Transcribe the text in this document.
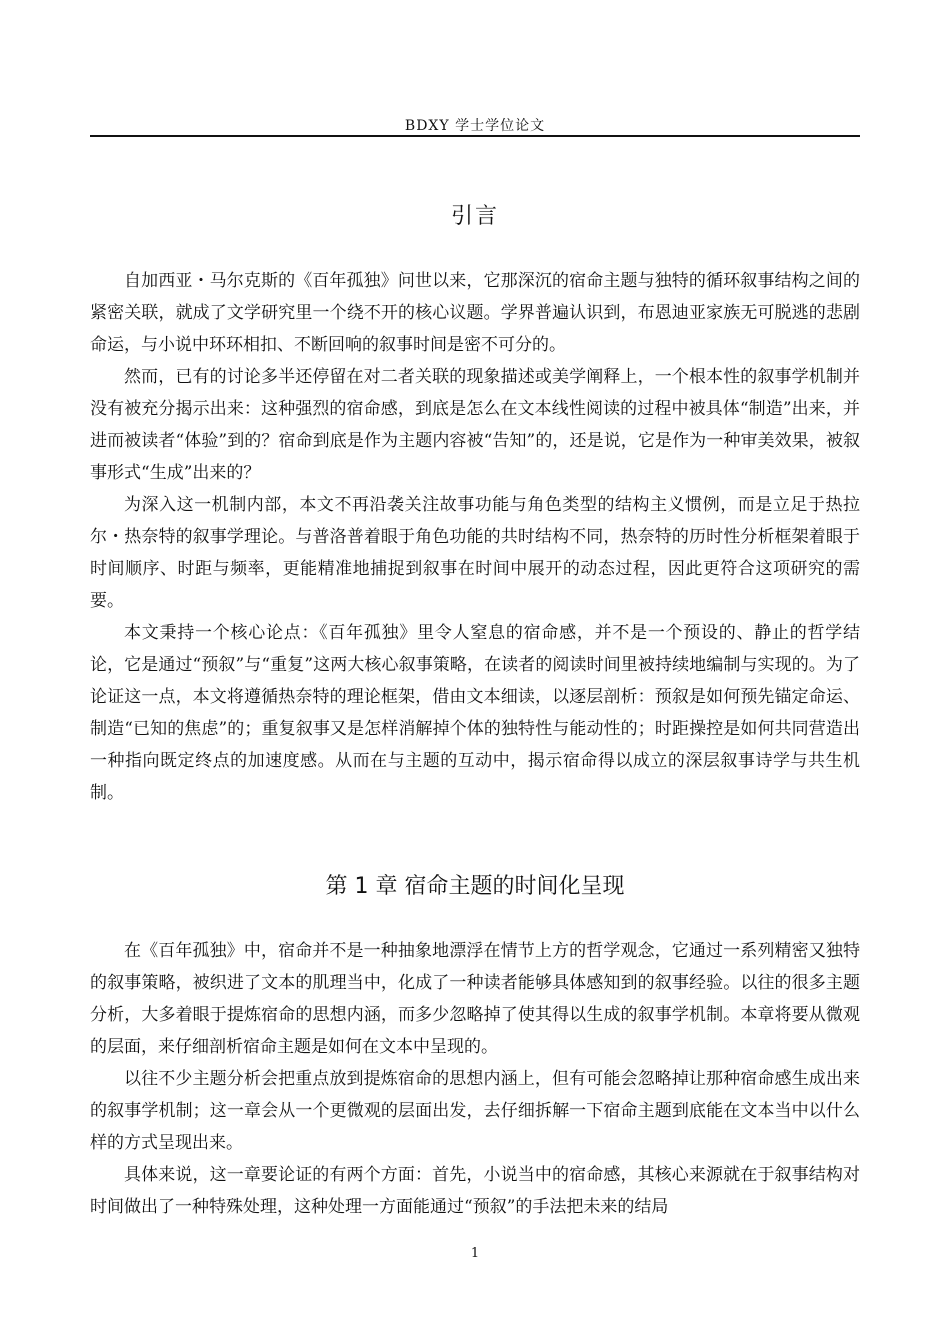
BDXY 学士学位论文
引言

自加西亚・马尔克斯的《百年孤独》问世以来，它那深沉的宿命主题与独特的循环叙事结构之间的紧密关联，就成了文学研究里一个绕不开的核心议题。学界普遍认识到，布恩迪亚家族无可脱逃的悲剧命运，与小说中环环相扣、不断回响的叙事时间是密不可分的。

然而，已有的讨论多半还停留在对二者关联的现象描述或美学阐释上，一个根本性的叙事学机制并没有被充分揭示出来：这种强烈的宿命感，到底是怎么在文本线性阅读的过程中被具体“制造”出来，并进而被读者“体验”到的？宿命到底是作为主题内容被“告知”的，还是说，它是作为一种审美效果，被叙事形式“生成”出来的？

为深入这一机制内部，本文不再沿袭关注故事功能与角色类型的结构主义惯例，而是立足于热拉尔・热奈特的叙事学理论。与普洛普着眼于角色功能的共时结构不同，热奈特的历时性分析框架着眼于时间顺序、时距与频率，更能精准地捕捉到叙事在时间中展开的动态过程，因此更符合这项研究的需要。

本文秉持一个核心论点：《百年孤独》里令人窒息的宿命感，并不是一个预设的、静止的哲学结论，它是通过“预叙”与“重复”这两大核心叙事策略，在读者的阅读时间里被持续地编制与实现的。为了论证这一点，本文将遵循热奈特的理论框架，借由文本细读，以逐层剖析：预叙是如何预先锚定命运、制造“已知的焦虑”的；重复叙事又是怎样消解掉个体的独特性与能动性的；时距操控是如何共同营造出一种指向既定终点的加速度感。从而在与主题的互动中，揭示宿命得以成立的深层叙事诗学与共生机制。

第 1 章 宿命主题的时间化呈现

在《百年孤独》中，宿命并不是一种抽象地漂浮在情节上方的哲学观念，它通过一系列精密又独特的叙事策略，被织进了文本的肌理当中，化成了一种读者能够具体感知到的叙事经验。以往的很多主题分析，大多着眼于提炼宿命的思想内涵，而多少忽略掉了使其得以生成的叙事学机制。本章将要从微观的层面，来仔细剖析宿命主题是如何在文本中呈现的。

以往不少主题分析会把重点放到提炼宿命的思想内涵上，但有可能会忽略掉让那种宿命感生成出来的叙事学机制；这一章会从一个更微观的层面出发，去仔细拆解一下宿命主题到底能在文本当中以什么样的方式呈现出来。

具体来说，这一章要论证的有两个方面：首先，小说当中的宿命感，其核心来源就在于叙事结构对时间做出了一种特殊处理，这种处理一方面能通过“预叙”的手法把未来的结局

1
